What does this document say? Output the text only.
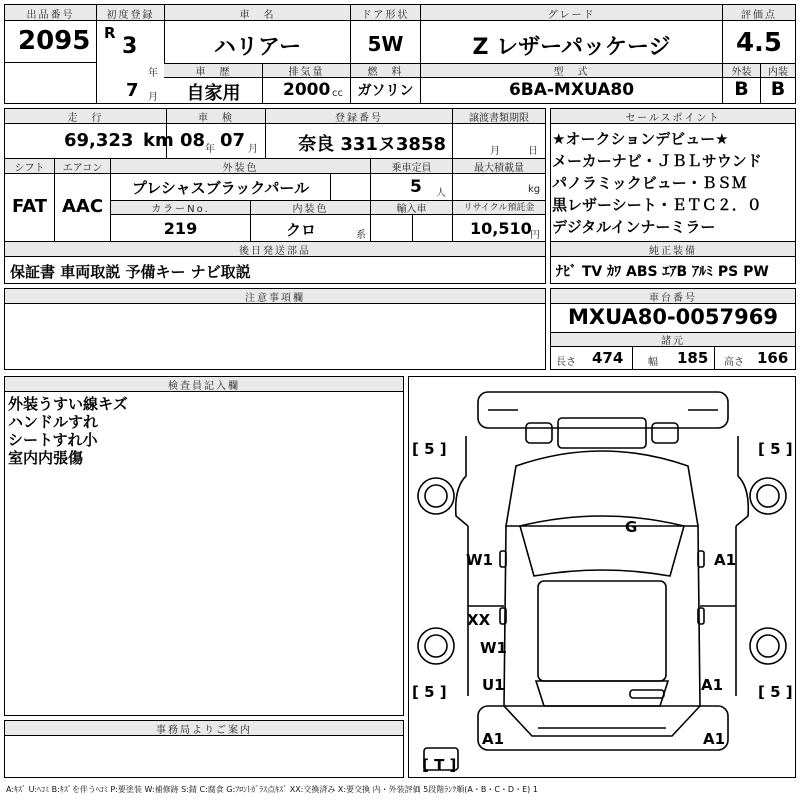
出品番号
2095
初度登録
R
3
年
7 月
車　名
ハリアー
ドア形状
5W
グレード
Z レザーパッケージ
評価点
4.5
車　歴
自家用
排気量
2000 cc
燃　料
ガソリン
型　式
6BA-MXUA80
外装	内装
B	B
走　行
69,323 km
車　検
08 年 07 月
登録番号
奈良 331ヌ3858
譲渡書類期限
月	日
シフト
FAT
エアコン
AAC
外装色
プレシャスブラックパール
乗車定員
5 人
最大積載量
kg
カラーNo.
219
内装色
クロ	系
輸入車	リサイクル預託金
10,510
円
後日発送部品
保証書 車両取説 予備キー ナビ取説
セールスポイント
★オークションデビュー★
メーカーナビ・ＪＢＬサウンド
パノラミックビュー・ＢＳＭ
黒レザーシート・ＥＴＣ２．０
デジタルインナーミラー
純正装備
ﾅﾋﾞ TV ｶﾜ ABS ｴｱB ｱﾙﾐ PS PW
注意事項欄	車台番号
MXUA80-0057969
諸元
長さ 474 幅 185 高さ 166
検査員記入欄
外装うすい線キズ
ハンドルすれ
シートすれ小
室内内張傷
事務局よりご案内
[ 5 ]	[ 5 ]
[ 5 ]	[ 5 ]
[ T ]
G
W1	A1
XX
W1
U1	A1
A1	A1
A:ｷｽﾞ U:ﾍｺﾐ B:ｷｽﾞを伴うﾍｺﾐ P:要塗装 W:補修跡 S:錆 C:腐食 G:ﾌﾛﾝﾄｶﾞﾗｽ点ｷｽﾞ XX:交換済み X:要交換 内・外装評価 5段階ﾗﾝｸ順(A・B・C・D・E) 1
